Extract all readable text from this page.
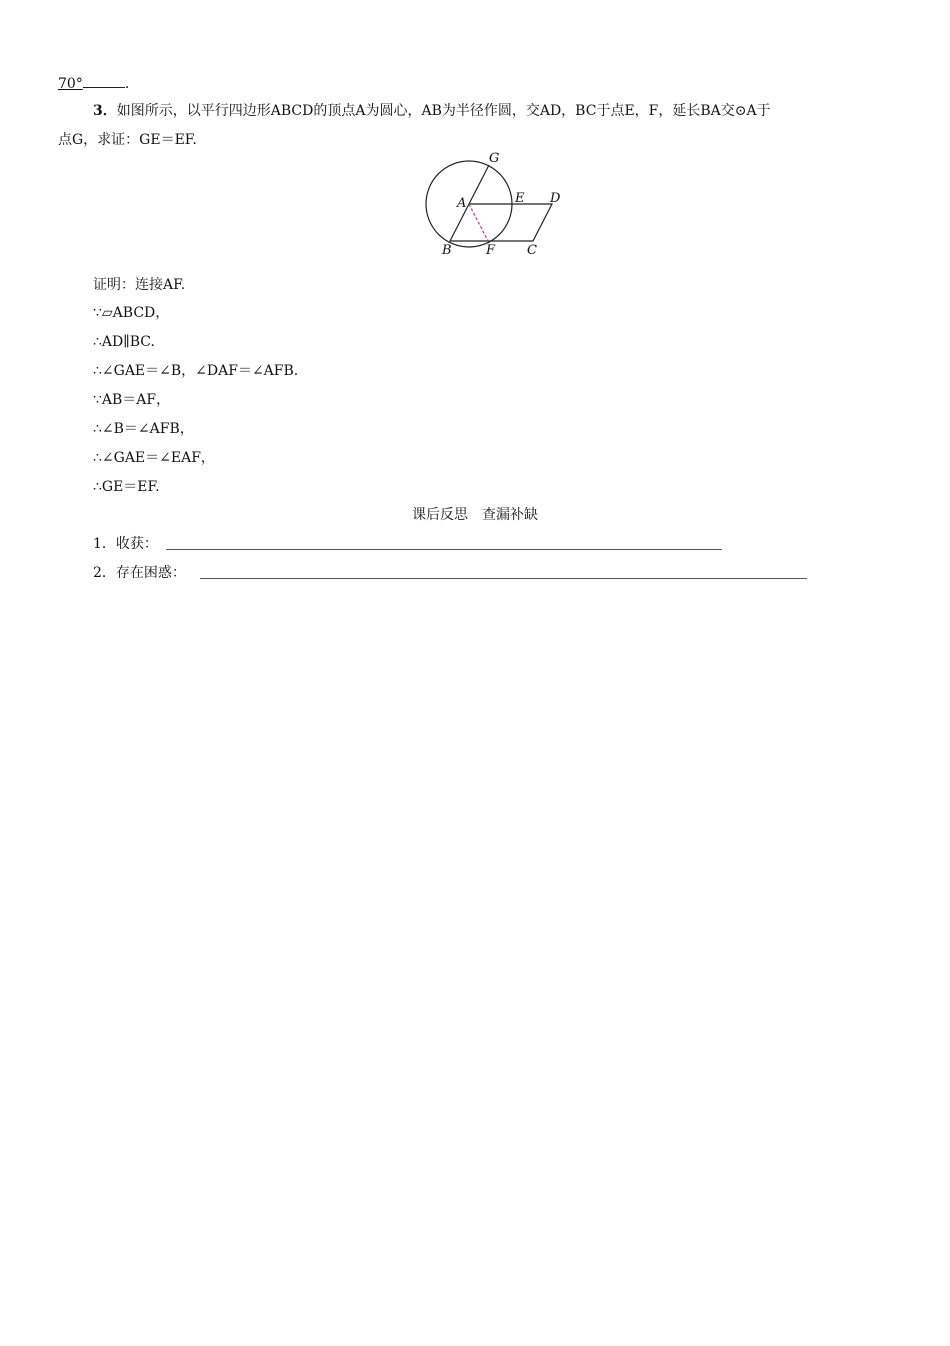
70°	.
3．如图所示，以平行四边形ABCD的顶点A为圆心，AB为半径作圆，交AD，BC于点E，F，延长BA交⊙A于
点G，求证：GE＝EF.
G
A	E D
B	F C
证明：连接AF.
∵▱ABCD，
∴AD∥BC.
∴∠GAE＝∠B，∠DAF＝∠AFB.
∵AB＝AF，
∴∠B＝∠AFB，
∴∠GAE＝∠EAF，
∴GE＝EF.
课后反思　查漏补缺
1．收获：
2．存在困惑：
